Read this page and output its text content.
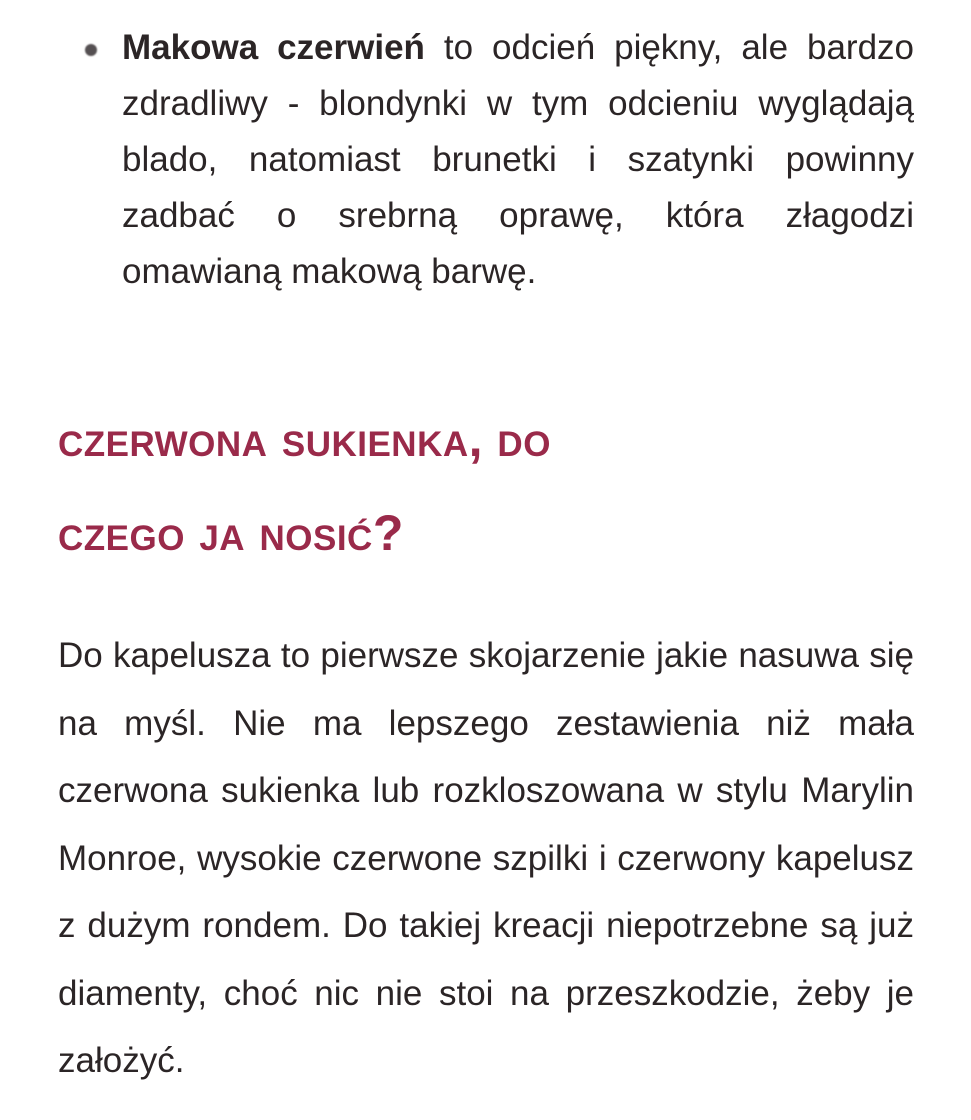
Makowa czerwień to odcień piękny, ale bardzo zdradliwy - blondynki w tym odcieniu wyglądają blado, natomiast brunetki i szatynki powinny zadbać o srebrną oprawę, która złagodzi omawianą makową barwę.
czerwona sukienka, do
czego ja nosić?

Do kapelusza to pierwsze skojarzenie jakie nasuwa się na myśl. Nie ma lepszego zestawienia niż mała czerwona sukienka lub rozkloszowana w stylu Marylin Monroe, wysokie czerwone szpilki i czerwony kapelusz z dużym rondem. Do takiej kreacji niepotrzebne są już diamenty, choć nic nie stoi na przeszkodzie, żeby je założyć.
